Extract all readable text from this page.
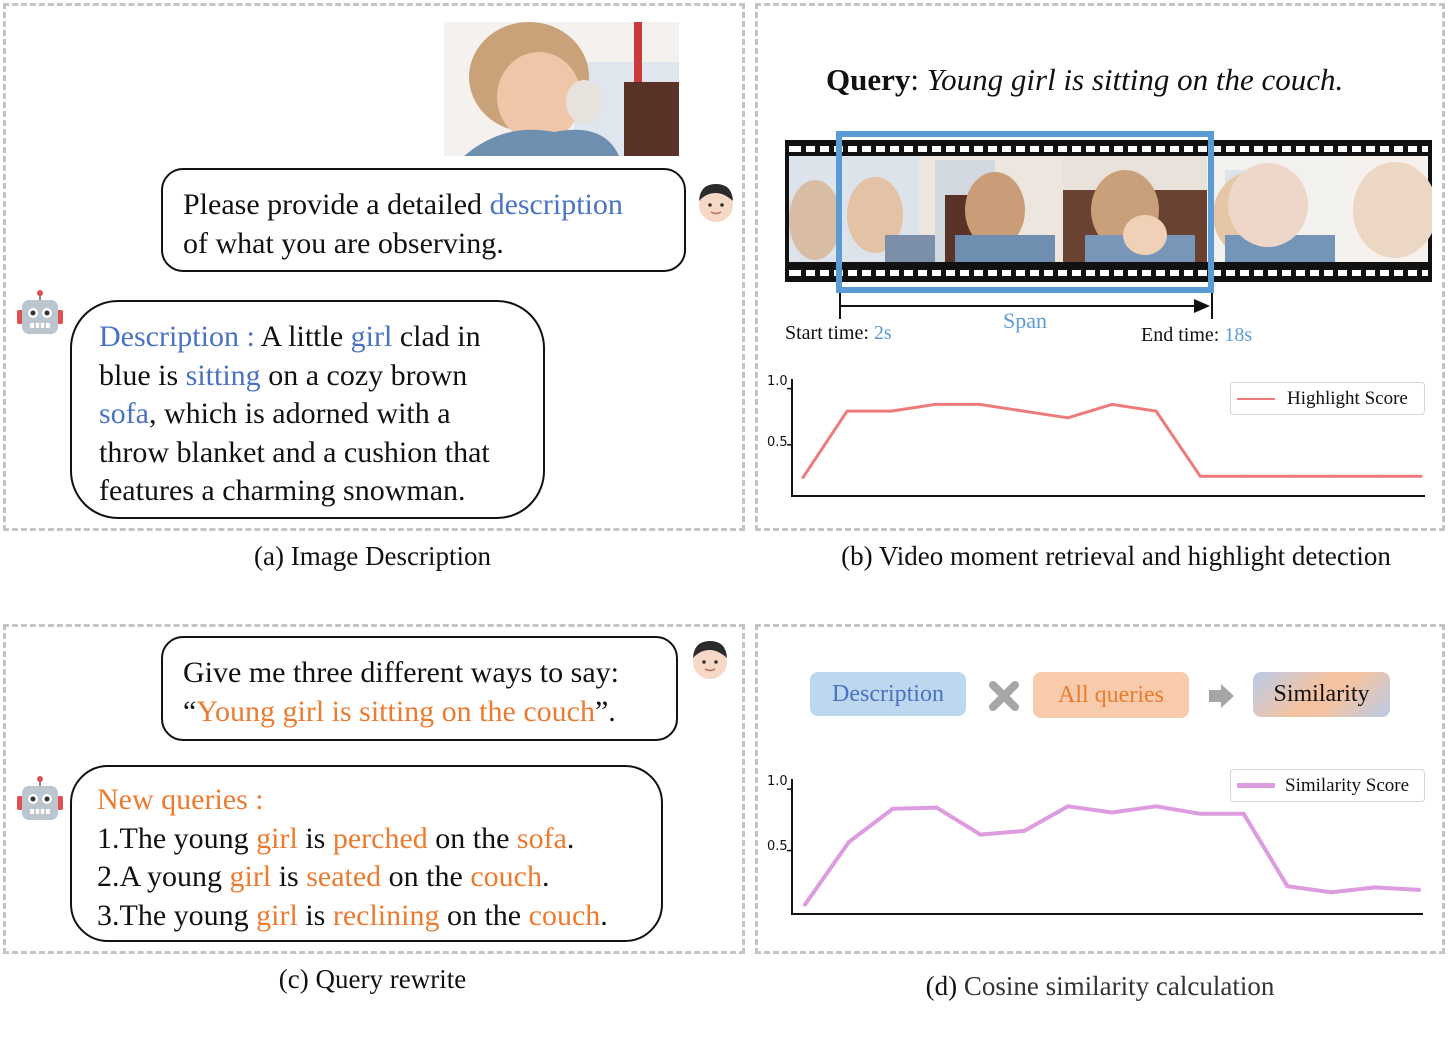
Please provide a detailed description
of what you are observing.
Description : A little girl clad in
blue is sitting on a cozy brown
sofa, which is adorned with a
throw blanket and a cushion that
features a charming snowman.
(a) Image Description
Query: Young girl is sitting on the couch.
Start time: 2s	Span
End time: 18s
1.0
0.5
Highlight Score
(b) Video moment retrieval and highlight detection
Give me three different ways to say:
“Young girl is sitting on the couch”.
New queries :
1.The young girl is perched on the sofa.
2.A young girl is seated on the couch.
3.The young girl is reclining on the couch.
(c) Query rewrite
Description	All queries	Similarity
1.0
0.5
Similarity Score
(d) Cosine similarity calculation
